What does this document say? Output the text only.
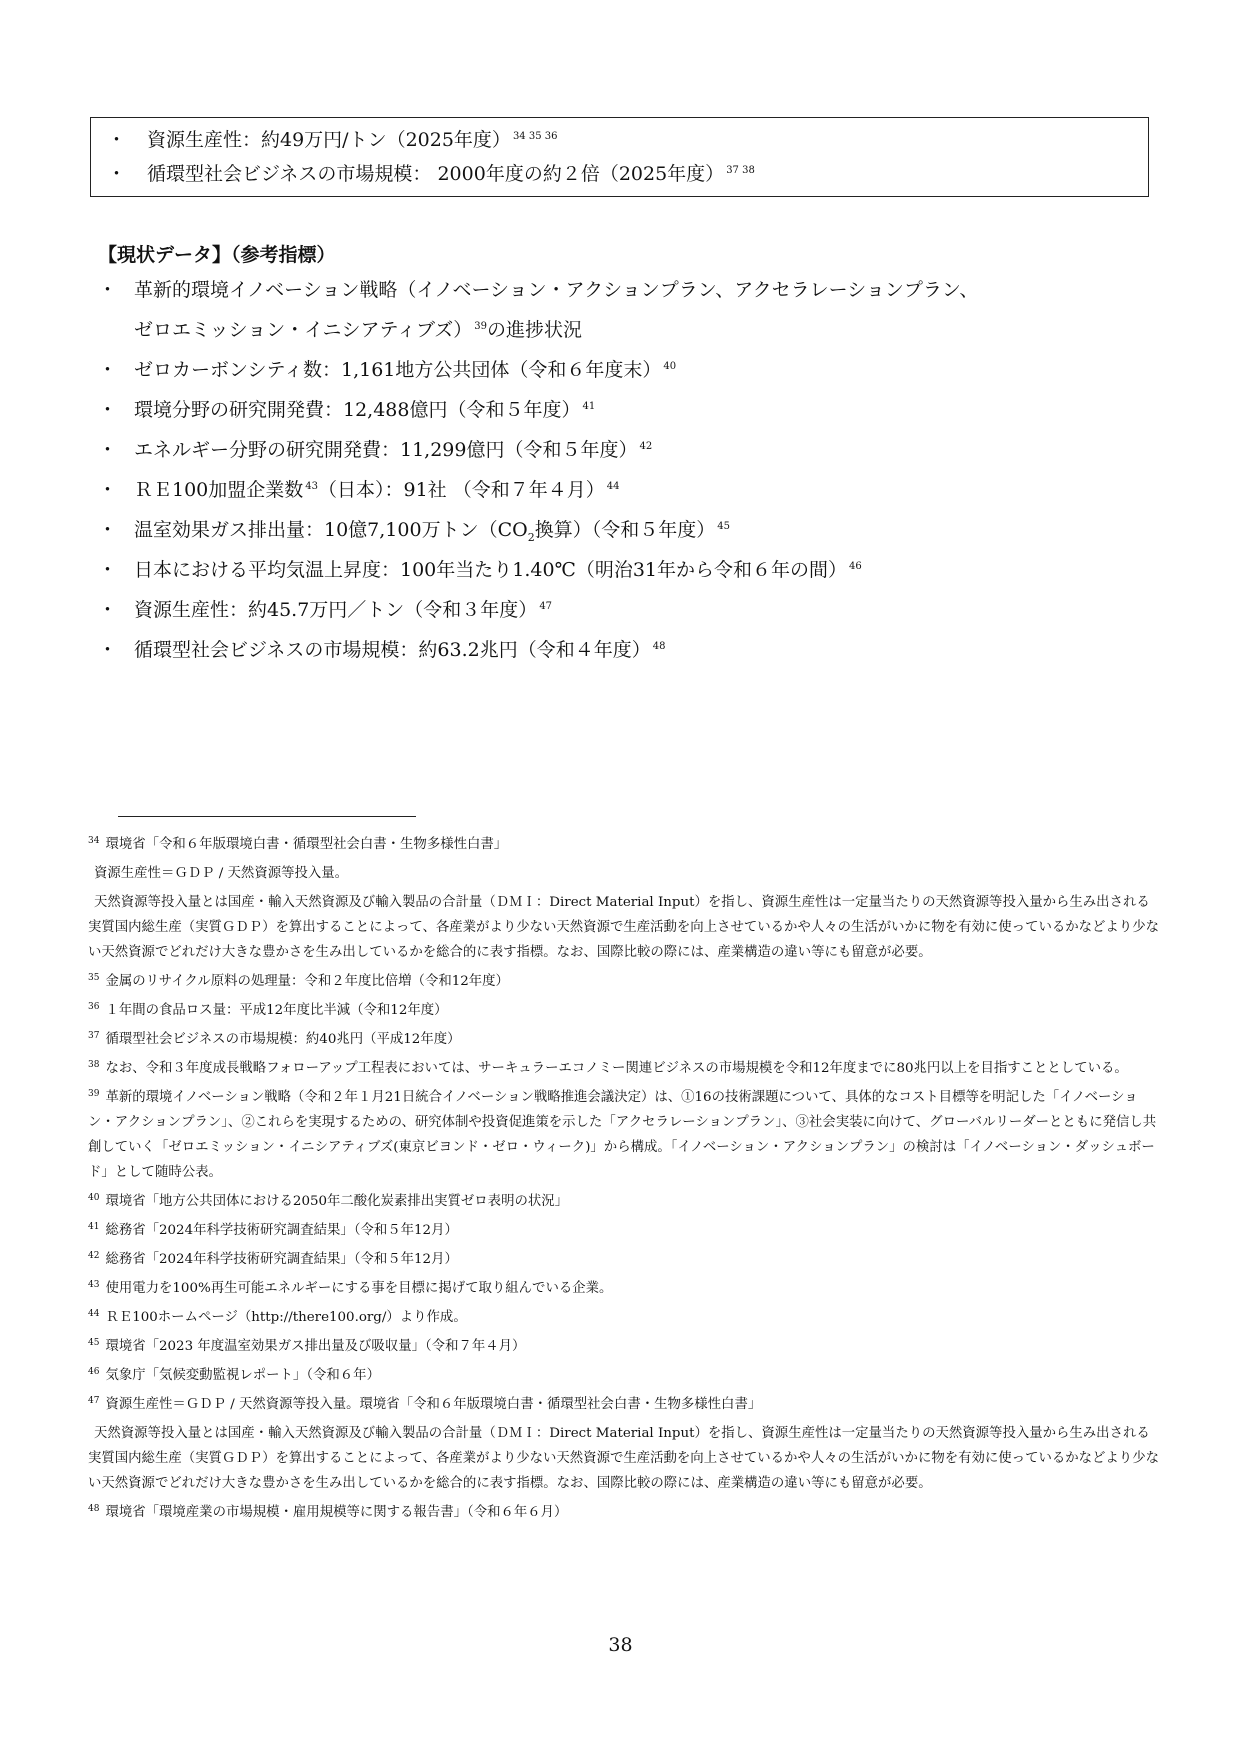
・ 資源生産性：約49万円/トン（2025年度） $^{34 35 36}$
・ 循環型社会ビジネスの市場規模： 2000年度の約２倍（2025年度） $^{37 38}$
【現状データ】（参考指標）
・ 革新的環境イノベーション戦略（イノベーション・アクションプラン、アクセラレーションプラン、
ゼロエミッション・イニシアティブズ） $^{39}$の進捗状況
・ ゼロカーボンシティ数：1,161地方公共団体（令和６年度末） $^{40}$
・ 環境分野の研究開発費：12,488億円（令和５年度） $^{41}$
・ エネルギー分野の研究開発費：11,299億円（令和５年度） $^{42}$
・ ＲＥ100加盟企業数 $^{43}$（日本）：91社 （令和７年４月） $^{44}$
・ 温室効果ガス排出量：10億7,100万トン（$CO_2$換算）（令和５年度） $^{45}$
・ 日本における平均気温上昇度：100年当たり1.40℃（明治31年から令和６年の間） $^{46}$
・ 資源生産性：約45.7万円／トン（令和３年度） $^{47}$
・ 循環型社会ビジネスの市場規模：約63.2兆円（令和４年度） $^{48}$

$^{34}$ 環境省「令和６年版環境白書・循環型社会白書・生物多様性白書」

資源生産性＝ＧＤＰ / 天然資源等投入量。

天然資源等投入量とは国産・輸入天然資源及び輸入製品の合計量（ＤＭＩ：Direct Material Input）を指し、資源生産性は一定量当たりの天然資源等投入量から生み出される実質国内総生産（実質ＧＤＰ）を算出することによって、各産業がより少ない天然資源で生産活動を向上させているかや人々の生活がいかに物を有効に使っているかなどより少ない天然資源でどれだけ大きな豊かさを生み出しているかを総合的に表す指標。なお、国際比較の際には、産業構造の違い等にも留意が必要。

$^{35}$ 金属のリサイクル原料の処理量：令和２年度比倍増（令和12年度）

$^{36}$ １年間の食品ロス量：平成12年度比半減（令和12年度）

$^{37}$ 循環型社会ビジネスの市場規模：約40兆円（平成12年度）

$^{38}$ なお、令和３年度成長戦略フォローアップ工程表においては、サーキュラーエコノミー関連ビジネスの市場規模を令和12年度までに80兆円以上を目指すこととしている。

$^{39}$ 革新的環境イノベーション戦略（令和２年１月21日統合イノベーション戦略推進会議決定）は、①16の技術課題について、具体的なコスト目標等を明記した「イノベーション・アクションプラン」、②これらを実現するための、研究体制や投資促進策を示した「アクセラレーションプラン」、③社会実装に向けて、グローバルリーダーとともに発信し共創していく「ゼロエミッション・イニシアティブズ(東京ビヨンド・ゼロ・ウィーク)」から構成。「イノベーション・アクションプラン」の検討は「イノベーション・ダッシュボード」として随時公表。

$^{40}$ 環境省「地方公共団体における2050年二酸化炭素排出実質ゼロ表明の状況」

$^{41}$ 総務省「2024年科学技術研究調査結果」（令和５年12月）

$^{42}$ 総務省「2024年科学技術研究調査結果」（令和５年12月）

$^{43}$ 使用電力を100%再生可能エネルギーにする事を目標に掲げて取り組んでいる企業。

$^{44}$ ＲＥ100ホームページ（http://there100.org/）より作成。

$^{45}$ 環境省「2023 年度温室効果ガス排出量及び吸収量」（令和７年４月）

$^{46}$ 気象庁「気候変動監視レポート」（令和６年）

$^{47}$ 資源生産性＝ＧＤＰ / 天然資源等投入量。環境省「令和６年版環境白書・循環型社会白書・生物多様性白書」

天然資源等投入量とは国産・輸入天然資源及び輸入製品の合計量（ＤＭＩ：Direct Material Input）を指し、資源生産性は一定量当たりの天然資源等投入量から生み出される実質国内総生産（実質ＧＤＰ）を算出することによって、各産業がより少ない天然資源で生産活動を向上させているかや人々の生活がいかに物を有効に使っているかなどより少ない天然資源でどれだけ大きな豊かさを生み出しているかを総合的に表す指標。なお、国際比較の際には、産業構造の違い等にも留意が必要。

$^{48}$ 環境省「環境産業の市場規模・雇用規模等に関する報告書」（令和６年６月）

38
